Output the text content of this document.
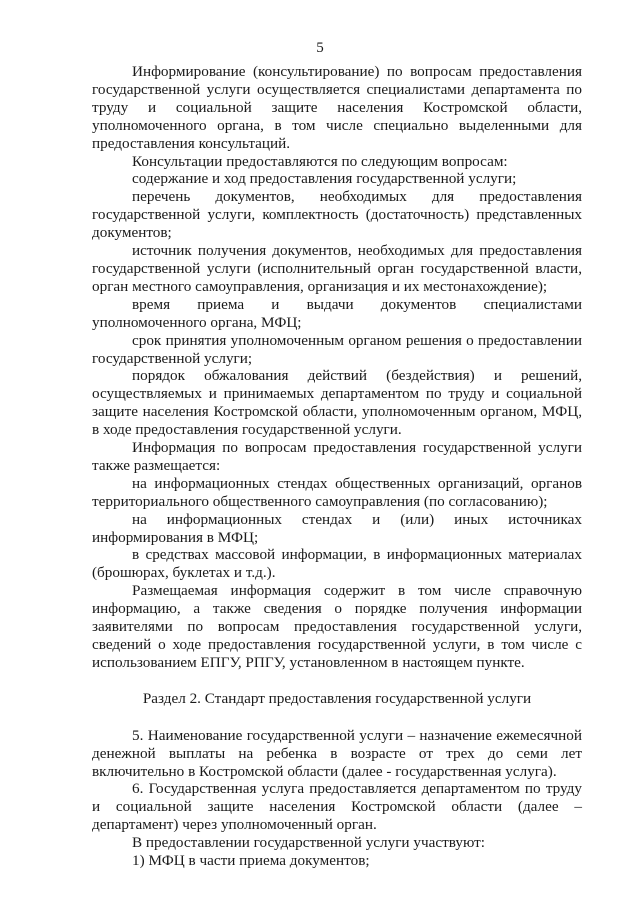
5

Информирование (консультирование) по вопросам предоставления государственной услуги осуществляется специалистами департамента по труду и социальной защите населения Костромской области, уполномоченного органа, в том числе специально выделенными для предоставления консультаций.

Консультации предоставляются по следующим вопросам:

содержание и ход предоставления государственной услуги;

перечень документов, необходимых для предоставления государственной услуги, комплектность (достаточность) представленных документов;

источник получения документов, необходимых для предоставления государственной услуги (исполнительный орган государственной власти, орган местного самоуправления, организация и их местонахождение);

время приема и выдачи документов специалистами уполномоченного органа, МФЦ;

срок принятия уполномоченным органом решения о предоставлении государственной услуги;

порядок обжалования действий (бездействия) и решений, осуществляемых и принимаемых департаментом по труду и социальной защите населения Костромской области, уполномоченным органом, МФЦ, в ходе предоставления государственной услуги.

Информация по вопросам предоставления государственной услуги также размещается:

на информационных стендах общественных организаций, органов территориального общественного самоуправления (по согласованию);

на информационных стендах и (или) иных источниках информирования в МФЦ;

в средствах массовой информации, в информационных материалах (брошюрах, буклетах и т.д.).

Размещаемая информация содержит в том числе справочную информацию, а также сведения о порядке получения информации заявителями по вопросам предоставления государственной услуги, сведений о ходе предоставления государственной услуги, в том числе с использованием ЕПГУ, РПГУ, установленном в настоящем пункте.

Раздел 2. Стандарт предоставления государственной услуги

5. Наименование государственной услуги – назначение ежемесячной денежной выплаты на ребенка в возрасте от трех до семи лет включительно в Костромской области (далее - государственная услуга).

6. Государственная услуга предоставляется департаментом по труду и социальной защите населения Костромской области (далее – департамент) через уполномоченный орган.

В предоставлении государственной услуги участвуют:

1) МФЦ в части приема документов;
